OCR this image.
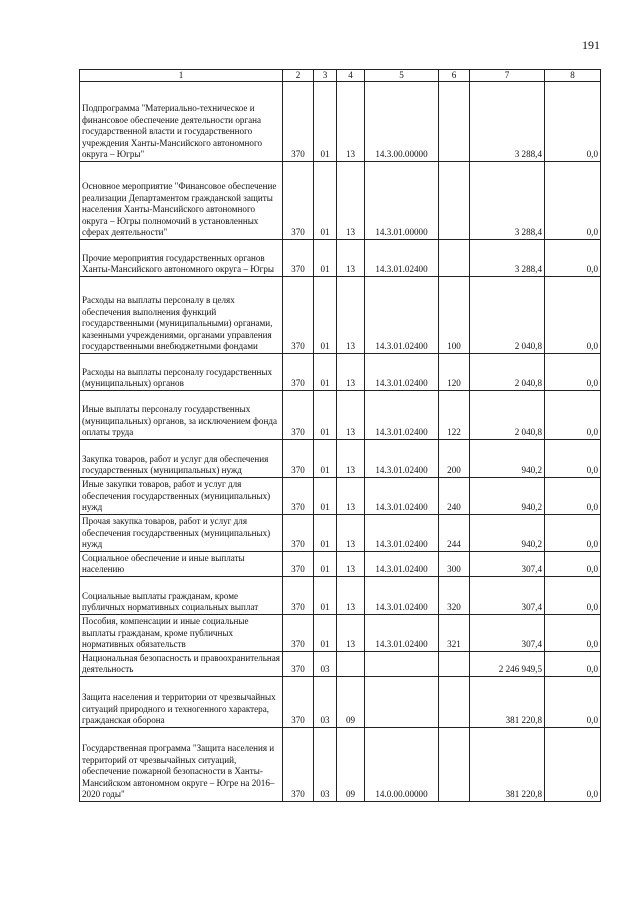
191
1	2	3	4	5	6	7	8
Подпрограмма "Материально-техническое и финансовое обеспечение деятельности органа государственной власти и государственного учреждения Ханты-Мансийского автономного округа – Югры"	370	01	13	14.3.00.00000		3 288,4	0,0
Основное мероприятие "Финансовое обеспечение реализации Департаментом гражданской защиты населения Ханты-Мансийского автономного округа – Югры полномочий в установленных сферах деятельности"	370	01	13	14.3.01.00000		3 288,4	0,0
Прочие мероприятия государственных органов Ханты-Мансийского автономного округа – Югры	370	01	13	14.3.01.02400		3 288,4	0,0
Расходы на выплаты персоналу в целях обеспечения выполнения функций государственными (муниципальными) органами, казенными учреждениями, органами управления государственными внебюджетными фондами	370	01	13	14.3.01.02400	100	2 040,8	0,0
Расходы на выплаты персоналу государственных (муниципальных) органов	370	01	13	14.3.01.02400	120	2 040,8	0,0
Иные выплаты персоналу государственных (муниципальных) органов, за исключением фонда оплаты труда	370	01	13	14.3.01.02400	122	2 040,8	0,0
Закупка товаров, работ и услуг для обеспечения государственных (муниципальных) нужд	370	01	13	14.3.01.02400	200	940,2	0,0
Иные закупки товаров, работ и услуг для обеспечения государственных (муниципальных) нужд	370	01	13	14.3.01.02400	240	940,2	0,0
Прочая закупка товаров, работ и услуг для обеспечения государственных (муниципальных) нужд	370	01	13	14.3.01.02400	244	940,2	0,0
Социальное обеспечение и иные выплаты населению	370	01	13	14.3.01.02400	300	307,4	0,0
Социальные выплаты гражданам, кроме публичных нормативных социальных выплат	370	01	13	14.3.01.02400	320	307,4	0,0
Пособия, компенсации и иные социальные выплаты гражданам, кроме публичных нормативных обязательств	370	01	13	14.3.01.02400	321	307,4	0,0
Национальная безопасность и правоохранительная деятельность	370	03				2 246 949,5	0,0
Защита населения и территории от чрезвычайных ситуаций природного и техногенного характера, гражданская оборона	370	03	09			381 220,8	0,0
Государственная программа "Защита населения и территорий от чрезвычайных ситуаций, обеспечение пожарной безопасности в Ханты-Мансийском автономном округе – Югре на 2016–2020 годы"	370	03	09	14.0.00.00000		381 220,8	0,0
